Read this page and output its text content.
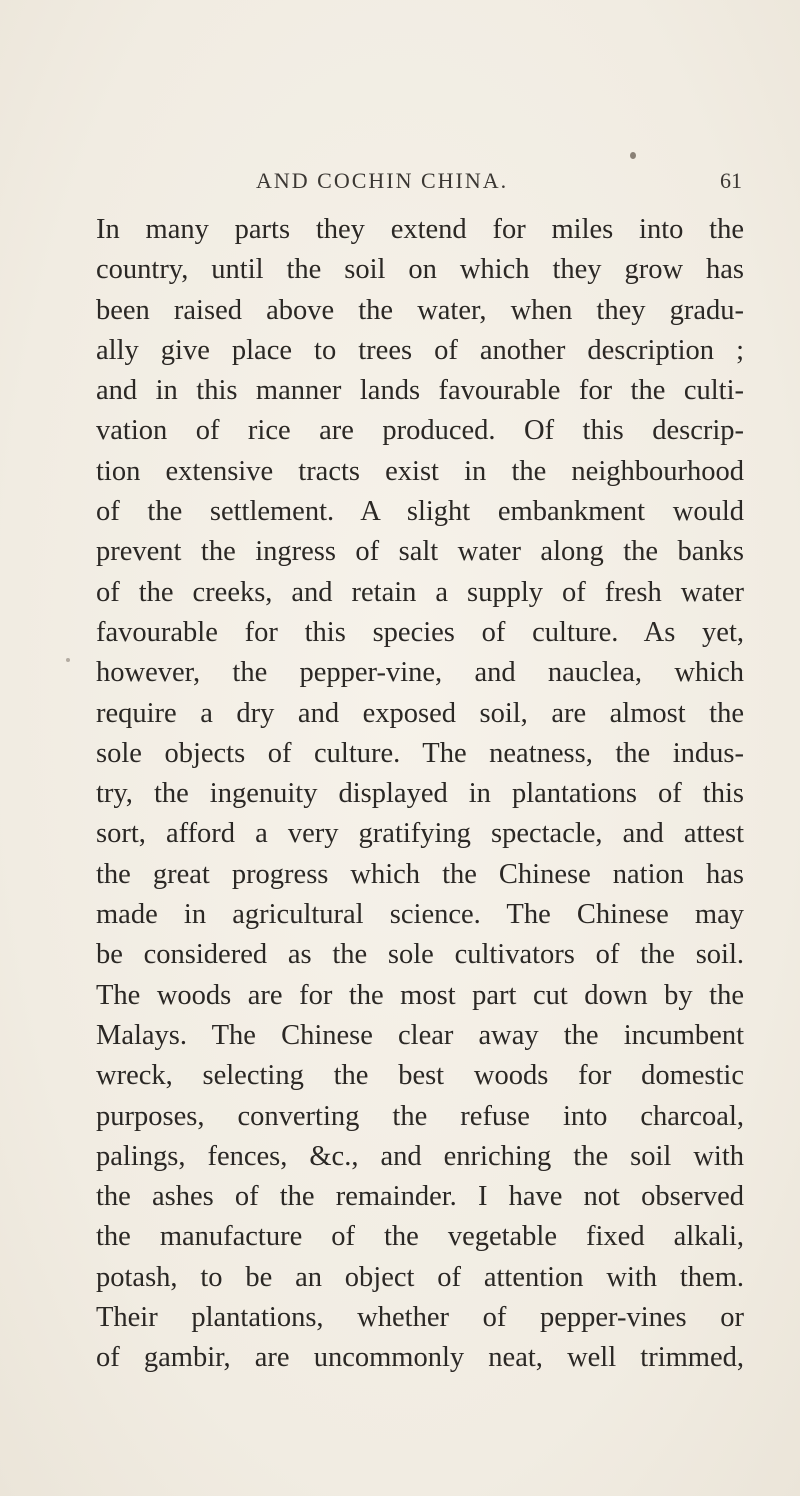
AND COCHIN CHINA.	61
In many parts they extend for miles into the
country, until the soil on which they grow has
been raised above the water, when they gradu-
ally give place to trees of another description ;
and in this manner lands favourable for the culti-
vation of rice are produced. Of this descrip-
tion extensive tracts exist in the neighbourhood
of the settlement. A slight embankment would
prevent the ingress of salt water along the banks
of the creeks, and retain a supply of fresh water
favourable for this species of culture. As yet,
however, the pepper-vine, and nauclea, which
require a dry and exposed soil, are almost the
sole objects of culture. The neatness, the indus-
try, the ingenuity displayed in plantations of this
sort, afford a very gratifying spectacle, and attest
the great progress which the Chinese nation has
made in agricultural science. The Chinese may
be considered as the sole cultivators of the soil.
The woods are for the most part cut down by the
Malays. The Chinese clear away the incumbent
wreck, selecting the best woods for domestic
purposes, converting the refuse into charcoal,
palings, fences, &c., and enriching the soil with
the ashes of the remainder. I have not observed
the manufacture of the vegetable fixed alkali,
potash, to be an object of attention with them.
Their plantations, whether of pepper-vines or
of gambir, are uncommonly neat, well trimmed,
